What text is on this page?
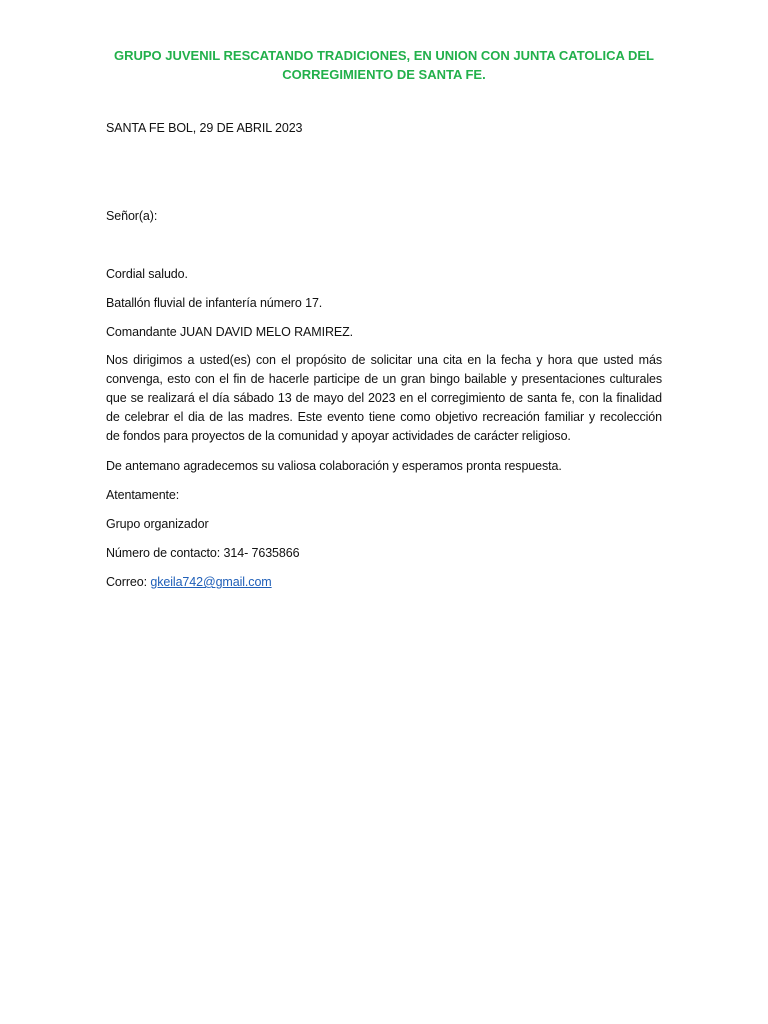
GRUPO JUVENIL RESCATANDO TRADICIONES, EN UNION CON JUNTA CATOLICA DEL
CORREGIMIENTO DE SANTA FE.
SANTA FE BOL, 29 DE ABRIL 2023
Señor(a):
Cordial saludo.
Batallón fluvial de infantería número 17.
Comandante JUAN DAVID MELO RAMIREZ.
Nos dirigimos a usted(es) con el propósito de solicitar una cita en la fecha y hora que usted más
convenga, esto con el fin de hacerle participe de un gran bingo bailable y presentaciones culturales
que se realizará el día sábado 13 de mayo del 2023 en el corregimiento de santa fe, con la finalidad
de celebrar el dia de las madres. Este evento tiene como objetivo recreación familiar y recolección
de fondos para proyectos de la comunidad y apoyar actividades de carácter religioso.
De antemano agradecemos su valiosa colaboración y esperamos pronta respuesta.
Atentamente:
Grupo organizador
Número de contacto: 314- 7635866
Correo: gkeila742@gmail.com
